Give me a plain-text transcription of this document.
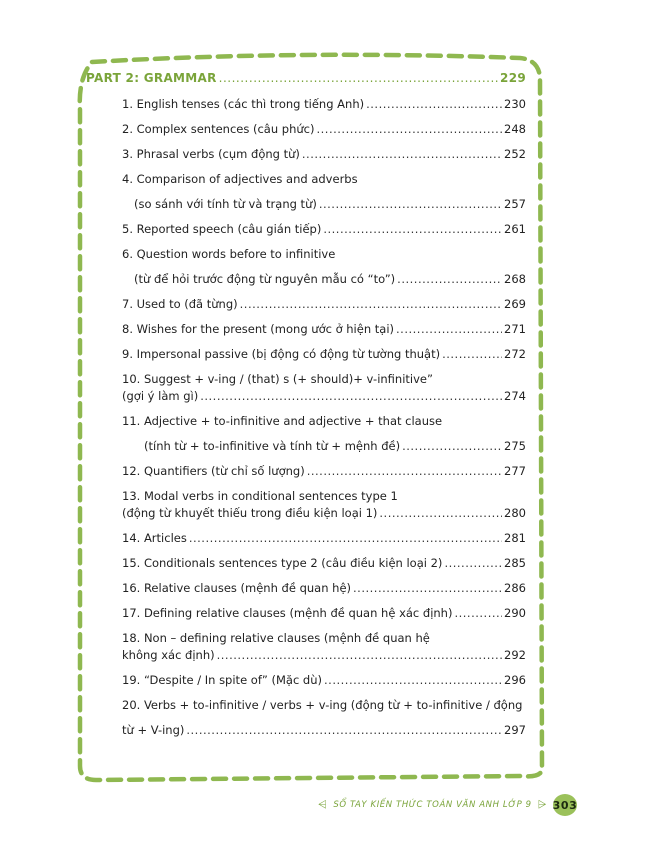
PART 2: GRAMMAR .....	229
1. English tenses (các thì trong tiếng Anh) .....	230
2. Complex sentences (câu phức) .....	248
3. Phrasal verbs (cụm động từ) .....	252
4. Comparison of adjectives and adverbs
(so sánh với tính từ và trạng từ) .....	257
5. Reported speech (câu gián tiếp) .....	261
6. Question words before to infinitive
(từ để hỏi trước động từ nguyên mẫu có “to”) .....	268
7. Used to (đã từng) .....	269
8. Wishes for the present (mong ước ở hiện tại) .....	271
9. Impersonal passive (bị động có động từ tường thuật) .....	272
10. Suggest + v-ing / (that) s (+ should)+ v-infinitive”
(gợi ý làm gì) .....	274
11. Adjective + to-infinitive and adjective + that clause
(tính từ + to-infinitive và tính từ + mệnh đề) .....	275
12. Quantifiers (từ chỉ số lượng) .....	277
13. Modal verbs in conditional sentences type 1
(động từ khuyết thiếu trong điều kiện loại 1) .....	280
14. Articles .....	281
15. Conditionals sentences type 2 (câu điều kiện loại 2) .....	285
16. Relative clauses (mệnh đề quan hệ) .....	286
17. Defining relative clauses (mệnh đề quan hệ xác định) .....	290
18. Non – defining relative clauses (mệnh đề quan hệ
không xác định) .....	292
19. “Despite / In spite of” (Mặc dù) .....	296
20. Verbs + to-infinitive / verbs + v-ing (động từ + to-infinitive / động
từ + V-ing) .....	297
⩤ SỔ TAY KIẾN THỨC TOÁN VĂN ANH LỚP 9 ⩥ 303
